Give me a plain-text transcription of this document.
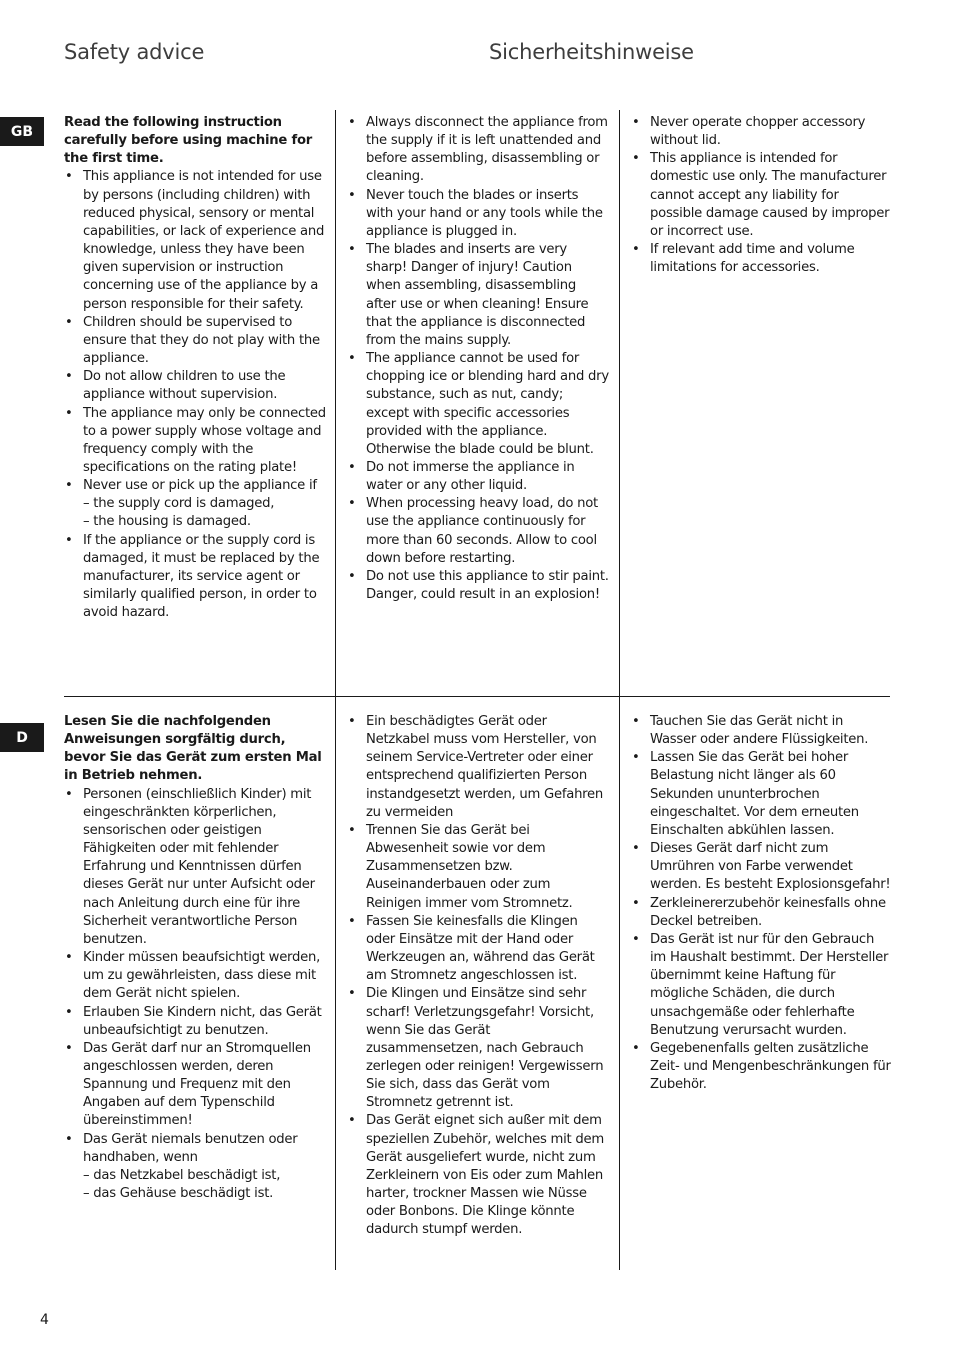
Safety advice	Sicherheitshinweise
GB
D

Read the following instruction carefully before using machine for the first time.

• This appliance is not intended for use by persons (including children) with reduced physical, sensory or mental capabilities, or lack of experience and knowledge, unless they have been given supervision or instruction concerning use of the appliance by a person responsible for their safety.
• Children should be supervised to ensure that they do not play with the appliance.
• Do not allow children to use the appliance without supervision.
• The appliance may only be connected to a power supply whose voltage and frequency comply with the specifications on the rating plate!
• Never use or pick up the appliance if
– the supply cord is damaged,
– the housing is damaged.
• If the appliance or the supply cord is damaged, it must be replaced by the manufacturer, its service agent or similarly qualified person, in order to avoid hazard.
• Always disconnect the appliance from the supply if it is left unattended and before assembling, disassembling or cleaning.
• Never touch the blades or inserts with your hand or any tools while the appliance is plugged in.
• The blades and inserts are very sharp! Danger of injury! Caution when assembling, disassembling after use or when cleaning! Ensure that the appliance is disconnected from the mains supply.
• The appliance cannot be used for chopping ice or blending hard and dry substance, such as nut, candy; except with specific accessories provided with the appliance. Otherwise the blade could be blunt.
• Do not immerse the appliance in water or any other liquid.
• When processing heavy load, do not use the appliance continuously for more than 60 seconds. Allow to cool down before restarting.
• Do not use this appliance to stir paint. Danger, could result in an explosion!
• Never operate chopper accessory without lid.
• This appliance is intended for domestic use only. The manufacturer cannot accept any liability for possible damage caused by improper or incorrect use.
• If relevant add time and volume limitations for accessories.

Lesen Sie die nachfolgenden Anweisungen sorgfältig durch, bevor Sie das Gerät zum ersten Mal in Betrieb nehmen.

• Personen (einschließlich Kinder) mit eingeschränkten körperlichen, sensorischen oder geistigen Fähigkeiten oder mit fehlender Erfahrung und Kenntnissen dürfen dieses Gerät nur unter Aufsicht oder nach Anleitung durch eine für ihre Sicherheit verantwortliche Person benutzen.
• Kinder müssen beaufsichtigt werden, um zu gewährleisten, dass diese mit dem Gerät nicht spielen.
• Erlauben Sie Kindern nicht, das Gerät unbeaufsichtigt zu benutzen.
• Das Gerät darf nur an Stromquellen angeschlossen werden, deren Spannung und Frequenz mit den Angaben auf dem Typenschild übereinstimmen!
• Das Gerät niemals benutzen oder handhaben, wenn
– das Netzkabel beschädigt ist,
– das Gehäuse beschädigt ist.
• Ein beschädigtes Gerät oder Netzkabel muss vom Hersteller, von seinem Service-Vertreter oder einer entsprechend qualifizierten Person instandgesetzt werden, um Gefahren zu vermeiden
• Trennen Sie das Gerät bei Abwesenheit sowie vor dem Zusammensetzen bzw. Auseinanderbauen oder zum Reinigen immer vom Stromnetz.
• Fassen Sie keinesfalls die Klingen oder Einsätze mit der Hand oder Werkzeugen an, während das Gerät am Stromnetz angeschlossen ist.
• Die Klingen und Einsätze sind sehr scharf! Verletzungsgefahr! Vorsicht, wenn Sie das Gerät zusammensetzen, nach Gebrauch zerlegen oder reinigen! Vergewissern Sie sich, dass das Gerät vom Stromnetz getrennt ist.
• Das Gerät eignet sich außer mit dem speziellen Zubehör, welches mit dem Gerät ausgeliefert wurde, nicht zum Zerkleinern von Eis oder zum Mahlen harter, trockner Massen wie Nüsse oder Bonbons. Die Klinge könnte dadurch stumpf werden.
• Tauchen Sie das Gerät nicht in Wasser oder andere Flüssigkeiten.
• Lassen Sie das Gerät bei hoher Belastung nicht länger als 60 Sekunden ununterbrochen eingeschaltet. Vor dem erneuten Einschalten abkühlen lassen.
• Dieses Gerät darf nicht zum Umrühren von Farbe verwendet werden. Es besteht Explosionsgefahr!
• Zerkleinererzubehör keinesfalls ohne Deckel betreiben.
• Das Gerät ist nur für den Gebrauch im Haushalt bestimmt. Der Hersteller übernimmt keine Haftung für mögliche Schäden, die durch unsachgemäße oder fehlerhafte Benutzung verursacht wurden.
• Gegebenenfalls gelten zusätzliche Zeit- und Mengenbeschränkungen für Zubehör.
4
